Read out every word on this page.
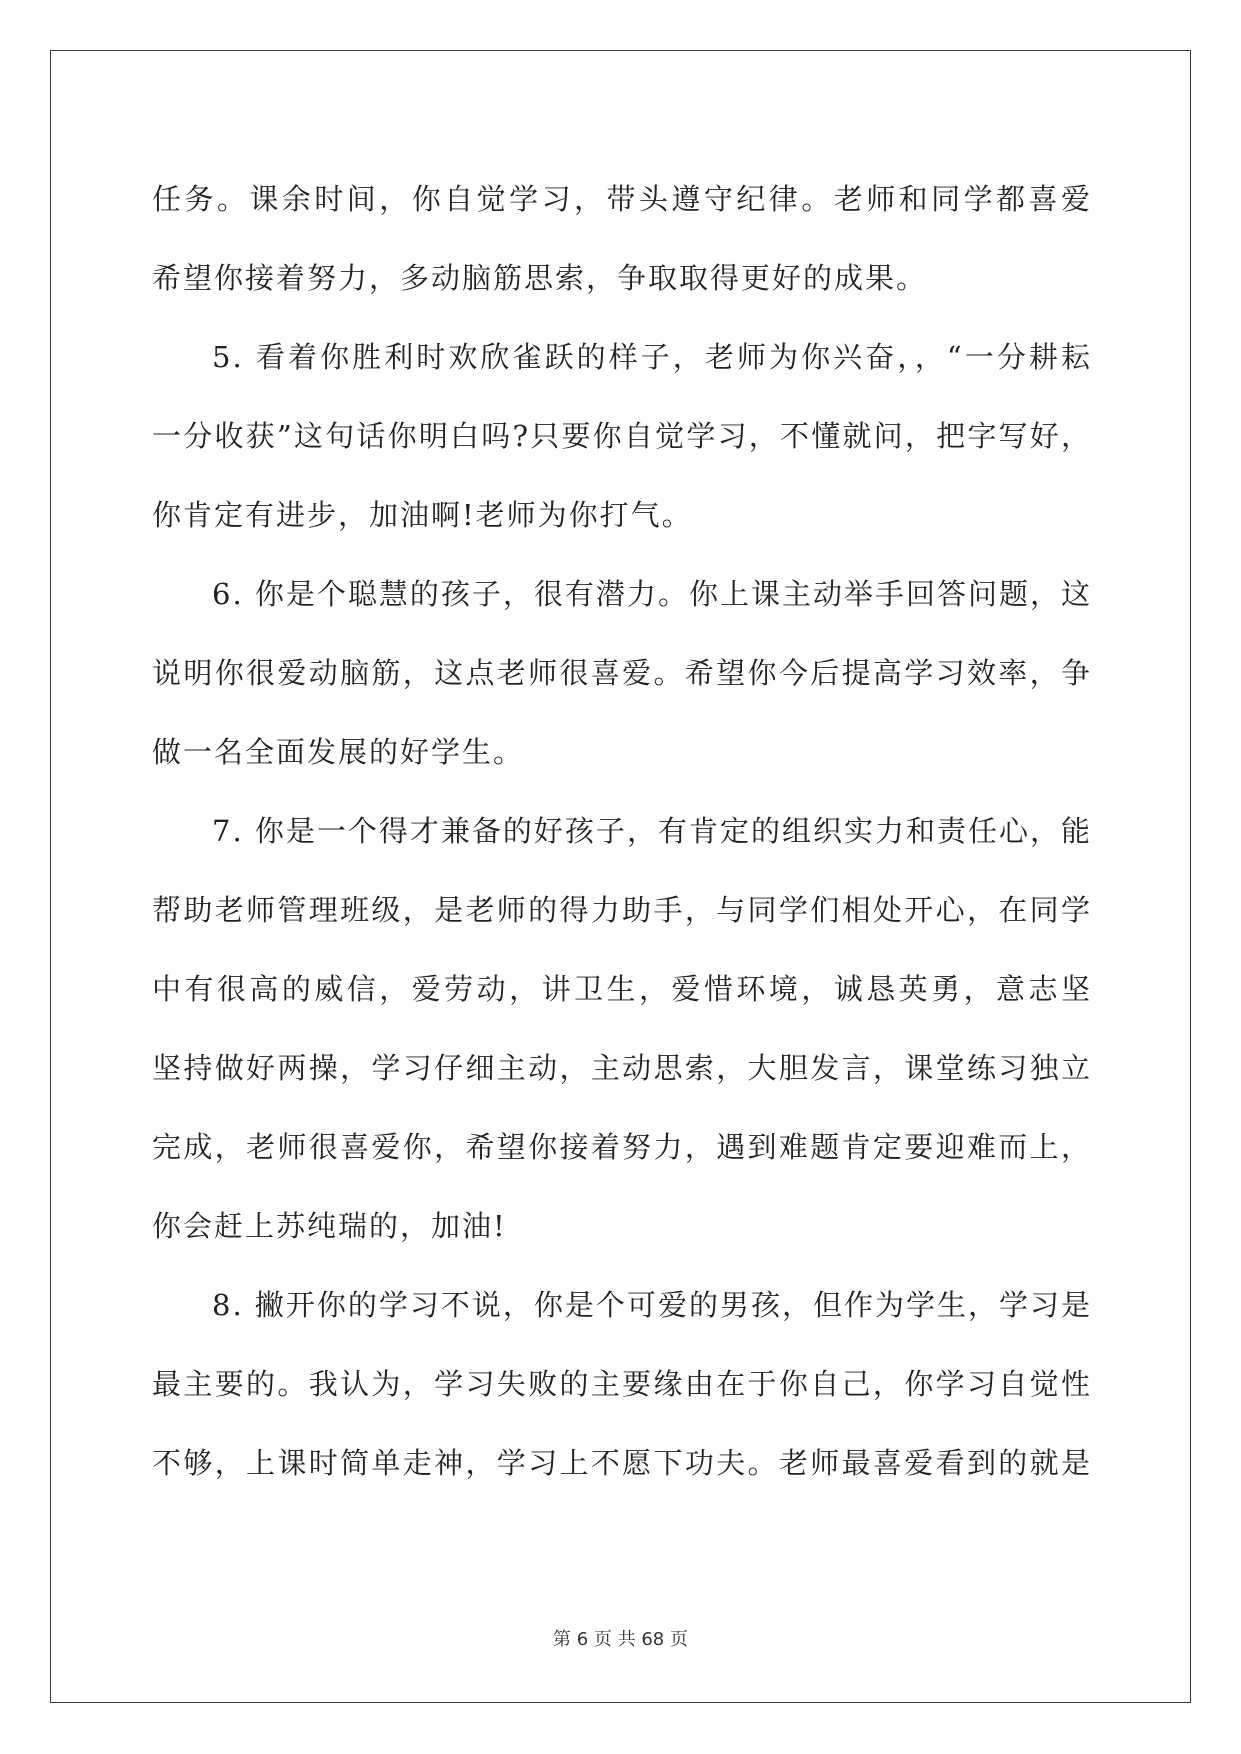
任务。课余时间，你自觉学习，带头遵守纪律。老师和同学都喜爱
希望你接着努力，多动脑筋思索，争取取得更好的成果。
5. 看着你胜利时欢欣雀跃的样子，老师为你兴奋，，“一分耕耘
一分收获”这句话你明白吗?只要你自觉学习，不懂就问，把字写好，
你肯定有进步，加油啊!老师为你打气。
6. 你是个聪慧的孩子，很有潜力。你上课主动举手回答问题，这
说明你很爱动脑筋，这点老师很喜爱。希望你今后提高学习效率，争
做一名全面发展的好学生。
7. 你是一个得才兼备的好孩子，有肯定的组织实力和责任心，能
帮助老师管理班级，是老师的得力助手，与同学们相处开心，在同学
中有很高的威信，爱劳动，讲卫生，爱惜环境，诚恳英勇，意志坚
坚持做好两操，学习仔细主动，主动思索，大胆发言，课堂练习独立
完成，老师很喜爱你，希望你接着努力，遇到难题肯定要迎难而上，
你会赶上苏纯瑞的，加油!
8. 撇开你的学习不说，你是个可爱的男孩，但作为学生，学习是
最主要的。我认为，学习失败的主要缘由在于你自己，你学习自觉性
不够，上课时简单走神，学习上不愿下功夫。老师最喜爱看到的就是
第 6 页 共 68 页
